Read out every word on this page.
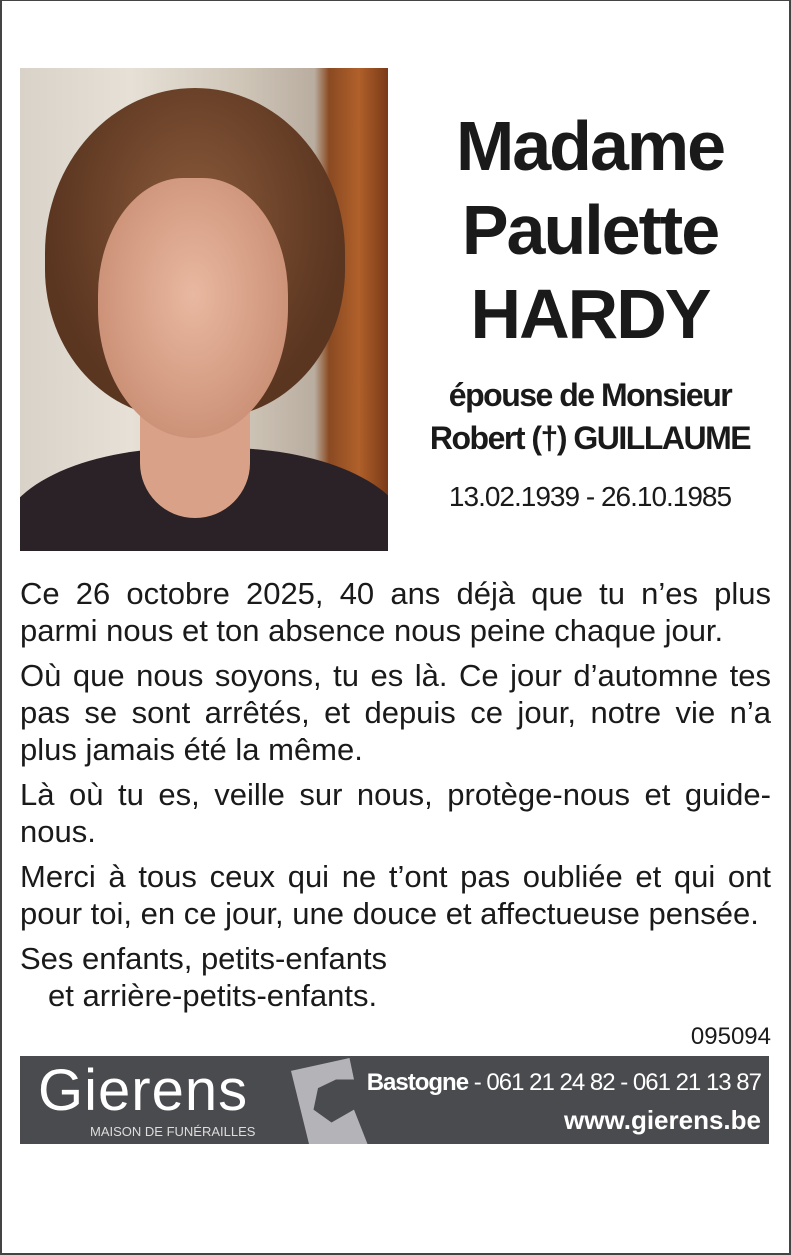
Madame
Paulette
HARDY
épouse de Monsieur
Robert (†) GUILLAUME
13.02.1939 - 26.10.1985

Ce 26 octobre 2025, 40 ans déjà que tu n’es plus parmi nous et ton absence nous peine chaque jour.

Où que nous soyons, tu es là. Ce jour d’automne tes pas se sont arrêtés, et depuis ce jour, notre vie n’a plus jamais été la même.

Là où tu es, veille sur nous, protège-nous et guide-nous.

Merci à tous ceux qui ne t’ont pas oubliée et qui ont pour toi, en ce jour, une douce et affectueuse pensée.

Ses enfants, petits-enfants
et arrière-petits-enfants.
095094
Gierens
MAISON DE FUNÉRAILLES
Bastogne - 061 21 24 82 - 061 21 13 87
www.gierens.be
